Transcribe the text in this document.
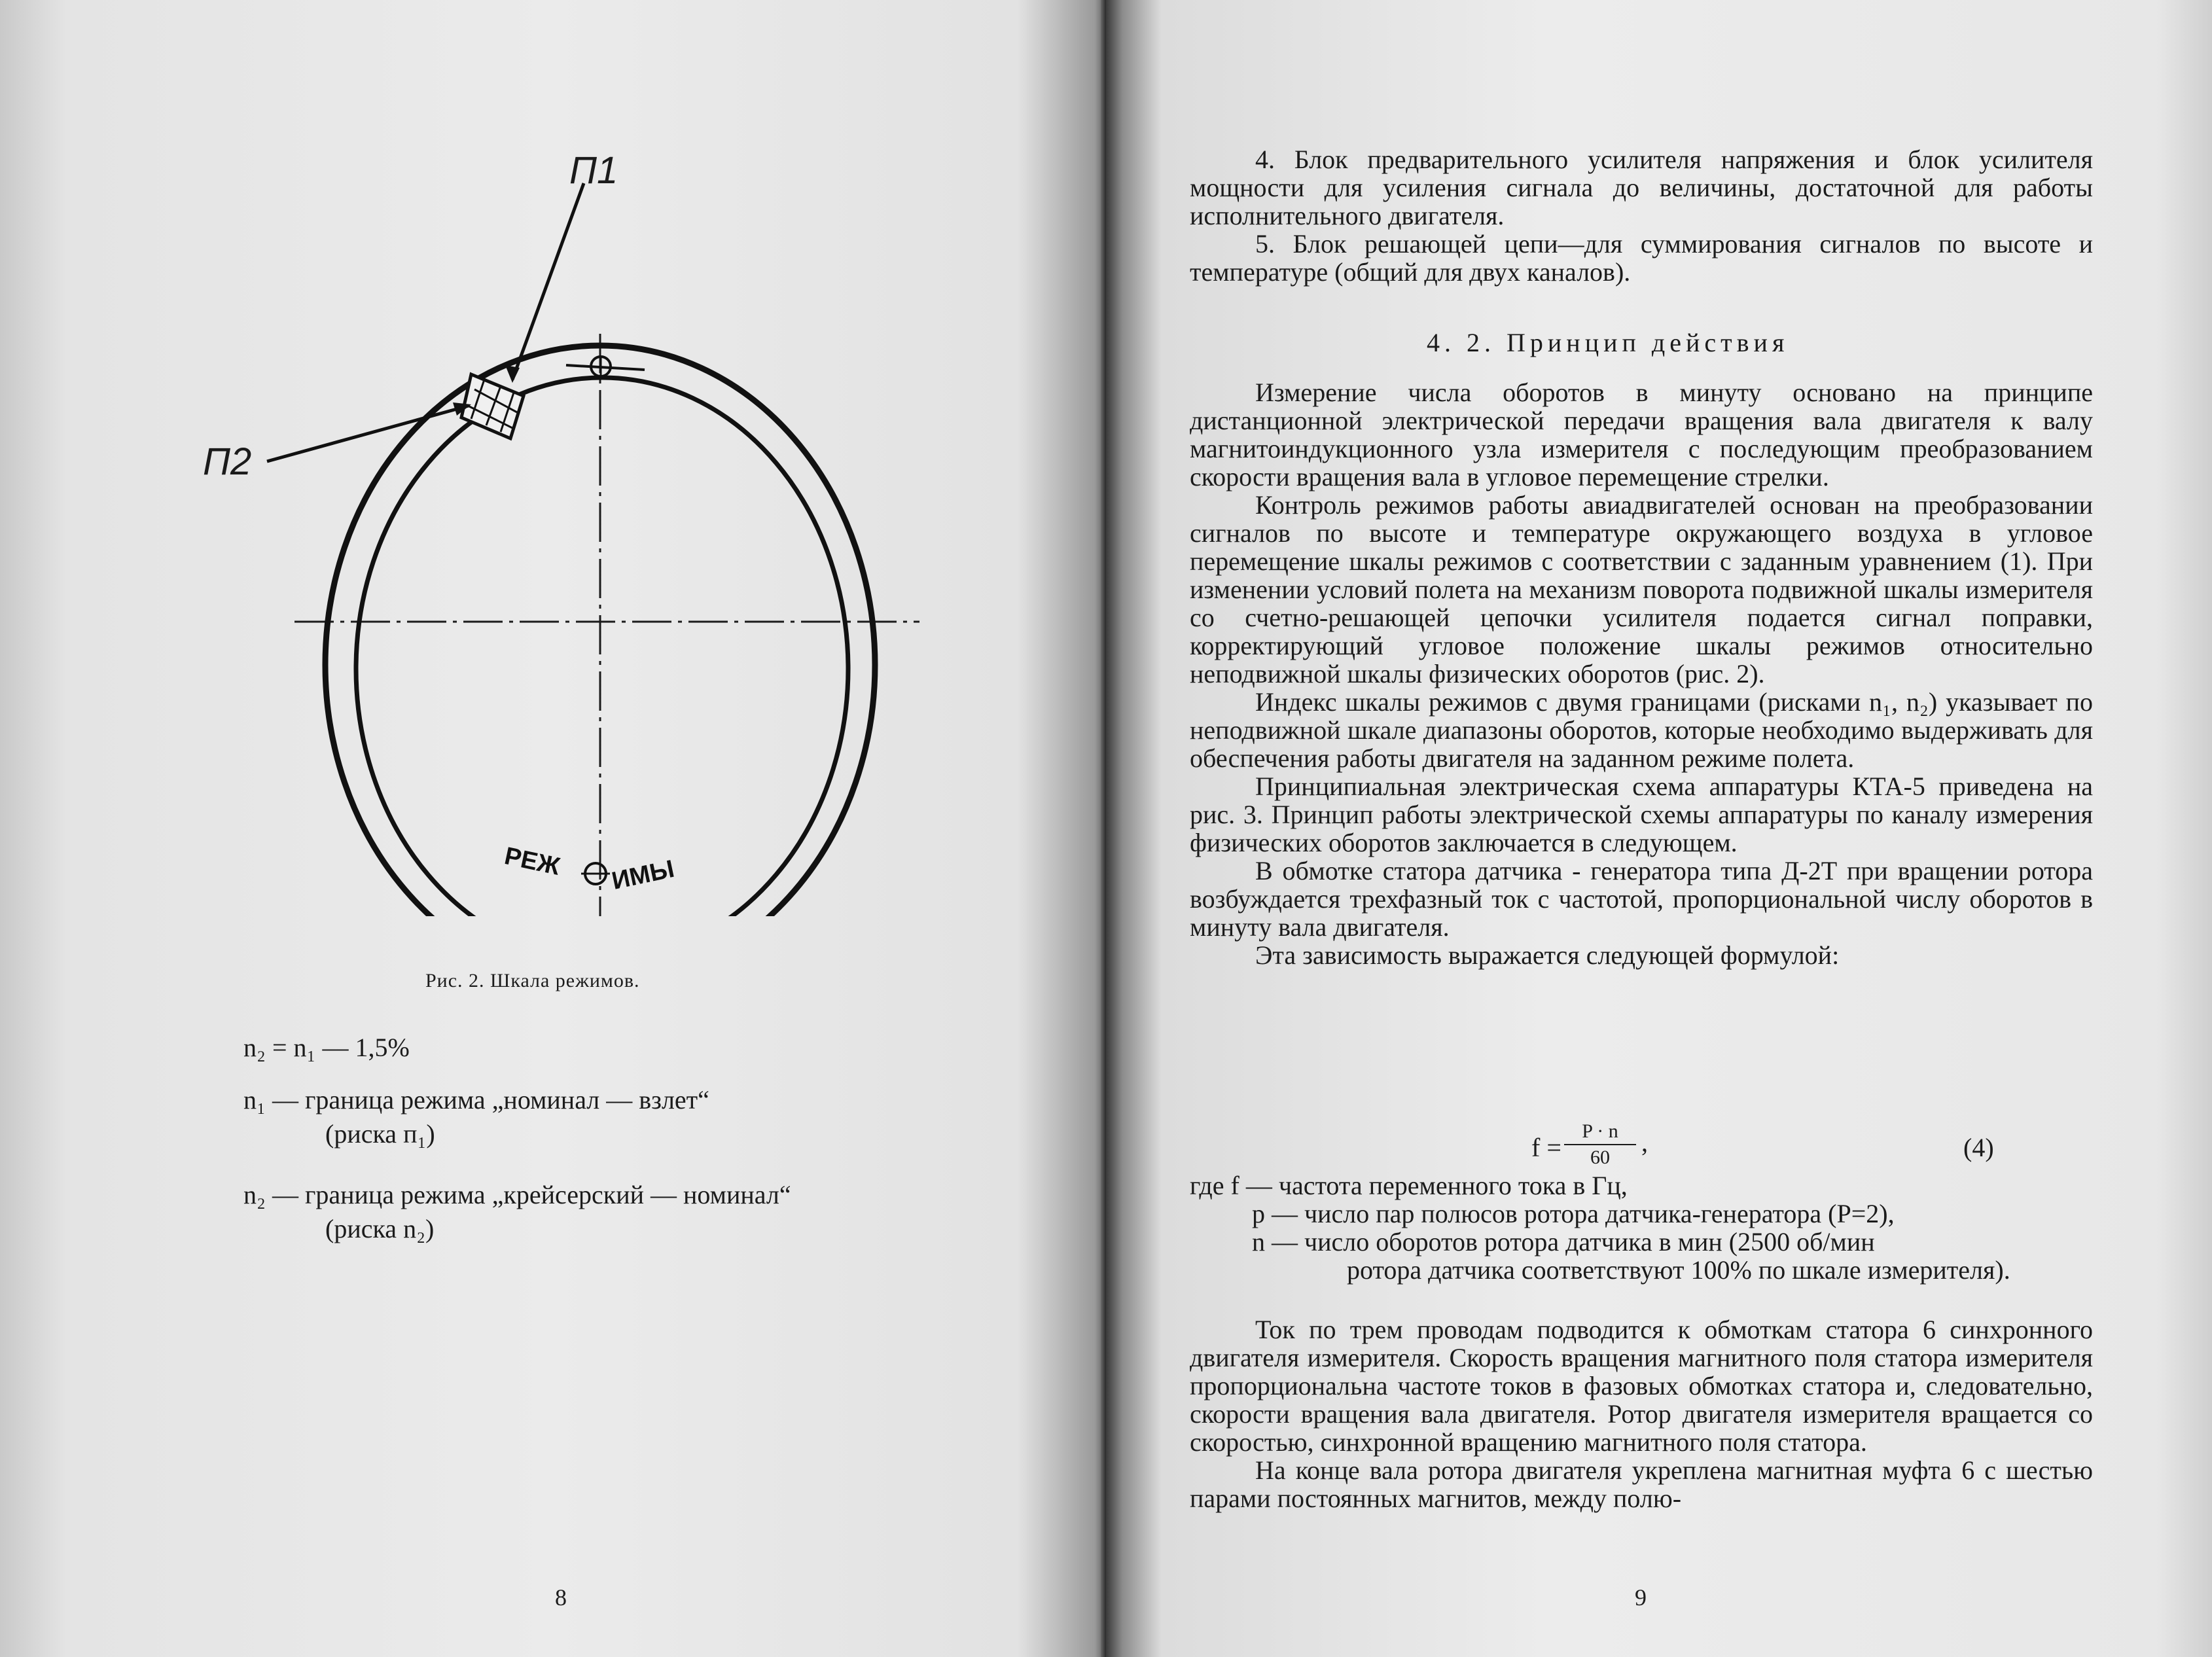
П1
П2
РЕЖ ИМЫ
Рис. 2. Шкала режимов.
n₂ = n₁ — 1,5%
n₁ — граница режима „номинал — взлет“
(риска п₁)
n₂ — граница режима „крейсерский — номинал“
(риска n₂)
8

4. Блок предварительного усилителя напряжения и блок усилителя мощности для усиления сигнала до величины, достаточной для работы исполнительного двигателя.

5. Блок решающей цепи—для суммирования сигналов по высоте и температуре (общий для двух каналов).

4. 2. Принцип действия

Измерение числа оборотов в минуту основано на принципе дистанционной электрической передачи вращения вала двигателя к валу магнитоиндукционного узла измерителя с последующим преобразованием скорости вращения вала в угловое перемещение стрелки.

Контроль режимов работы авиадвигателей основан на преобразовании сигналов по высоте и температуре окружающего воздуха в угловое перемещение шкалы режимов с соответствии с заданным уравнением (1). При изменении условий полета на механизм поворота подвижной шкалы измерителя со счетно-решающей цепочки усилителя подается сигнал поправки, корректирующий угловое положение шкалы режимов относительно неподвижной шкалы физических оборотов (рис. 2).

Индекс шкалы режимов с двумя границами (рисками n₁, n₂) указывает по неподвижной шкале диапазоны оборотов, которые необходимо выдерживать для обеспечения работы двигателя на заданном режиме полета.

Принципиальная электрическая схема аппаратуры КТА-5 приведена на рис. 3. Принцип работы электрической схемы аппаратуры по каналу измерения физических оборотов заключается в следующем.

В обмотке статора датчика - генератора типа Д-2Т при вращении ротора возбуждается трехфазный ток с частотой, пропорциональной числу оборотов в минуту вала двигателя.

Эта зависимость выражается следующей формулой:

$f = \frac{P \cdot n}{60}$ ,	(4)
где f — частота переменного тока в Гц,
p — число пар полюсов ротора датчика-генератора (P=2),
n — число оборотов ротора датчика в мин (2500 об/мин
ротора датчика соответствуют 100% по шкале измерителя).

Ток по трем проводам подводится к обмоткам статора 6 синхронного двигателя измерителя. Скорость вращения магнитного поля статора измерителя пропорциональна частоте токов в фазовых обмотках статора и, следовательно, скорости вращения вала двигателя. Ротор двигателя измерителя вращается со скоростью, синхронной вращению магнитного поля статора.

На конце вала ротора двигателя укреплена магнитная муфта 6 с шестью парами постоянных магнитов, между полю-

9
